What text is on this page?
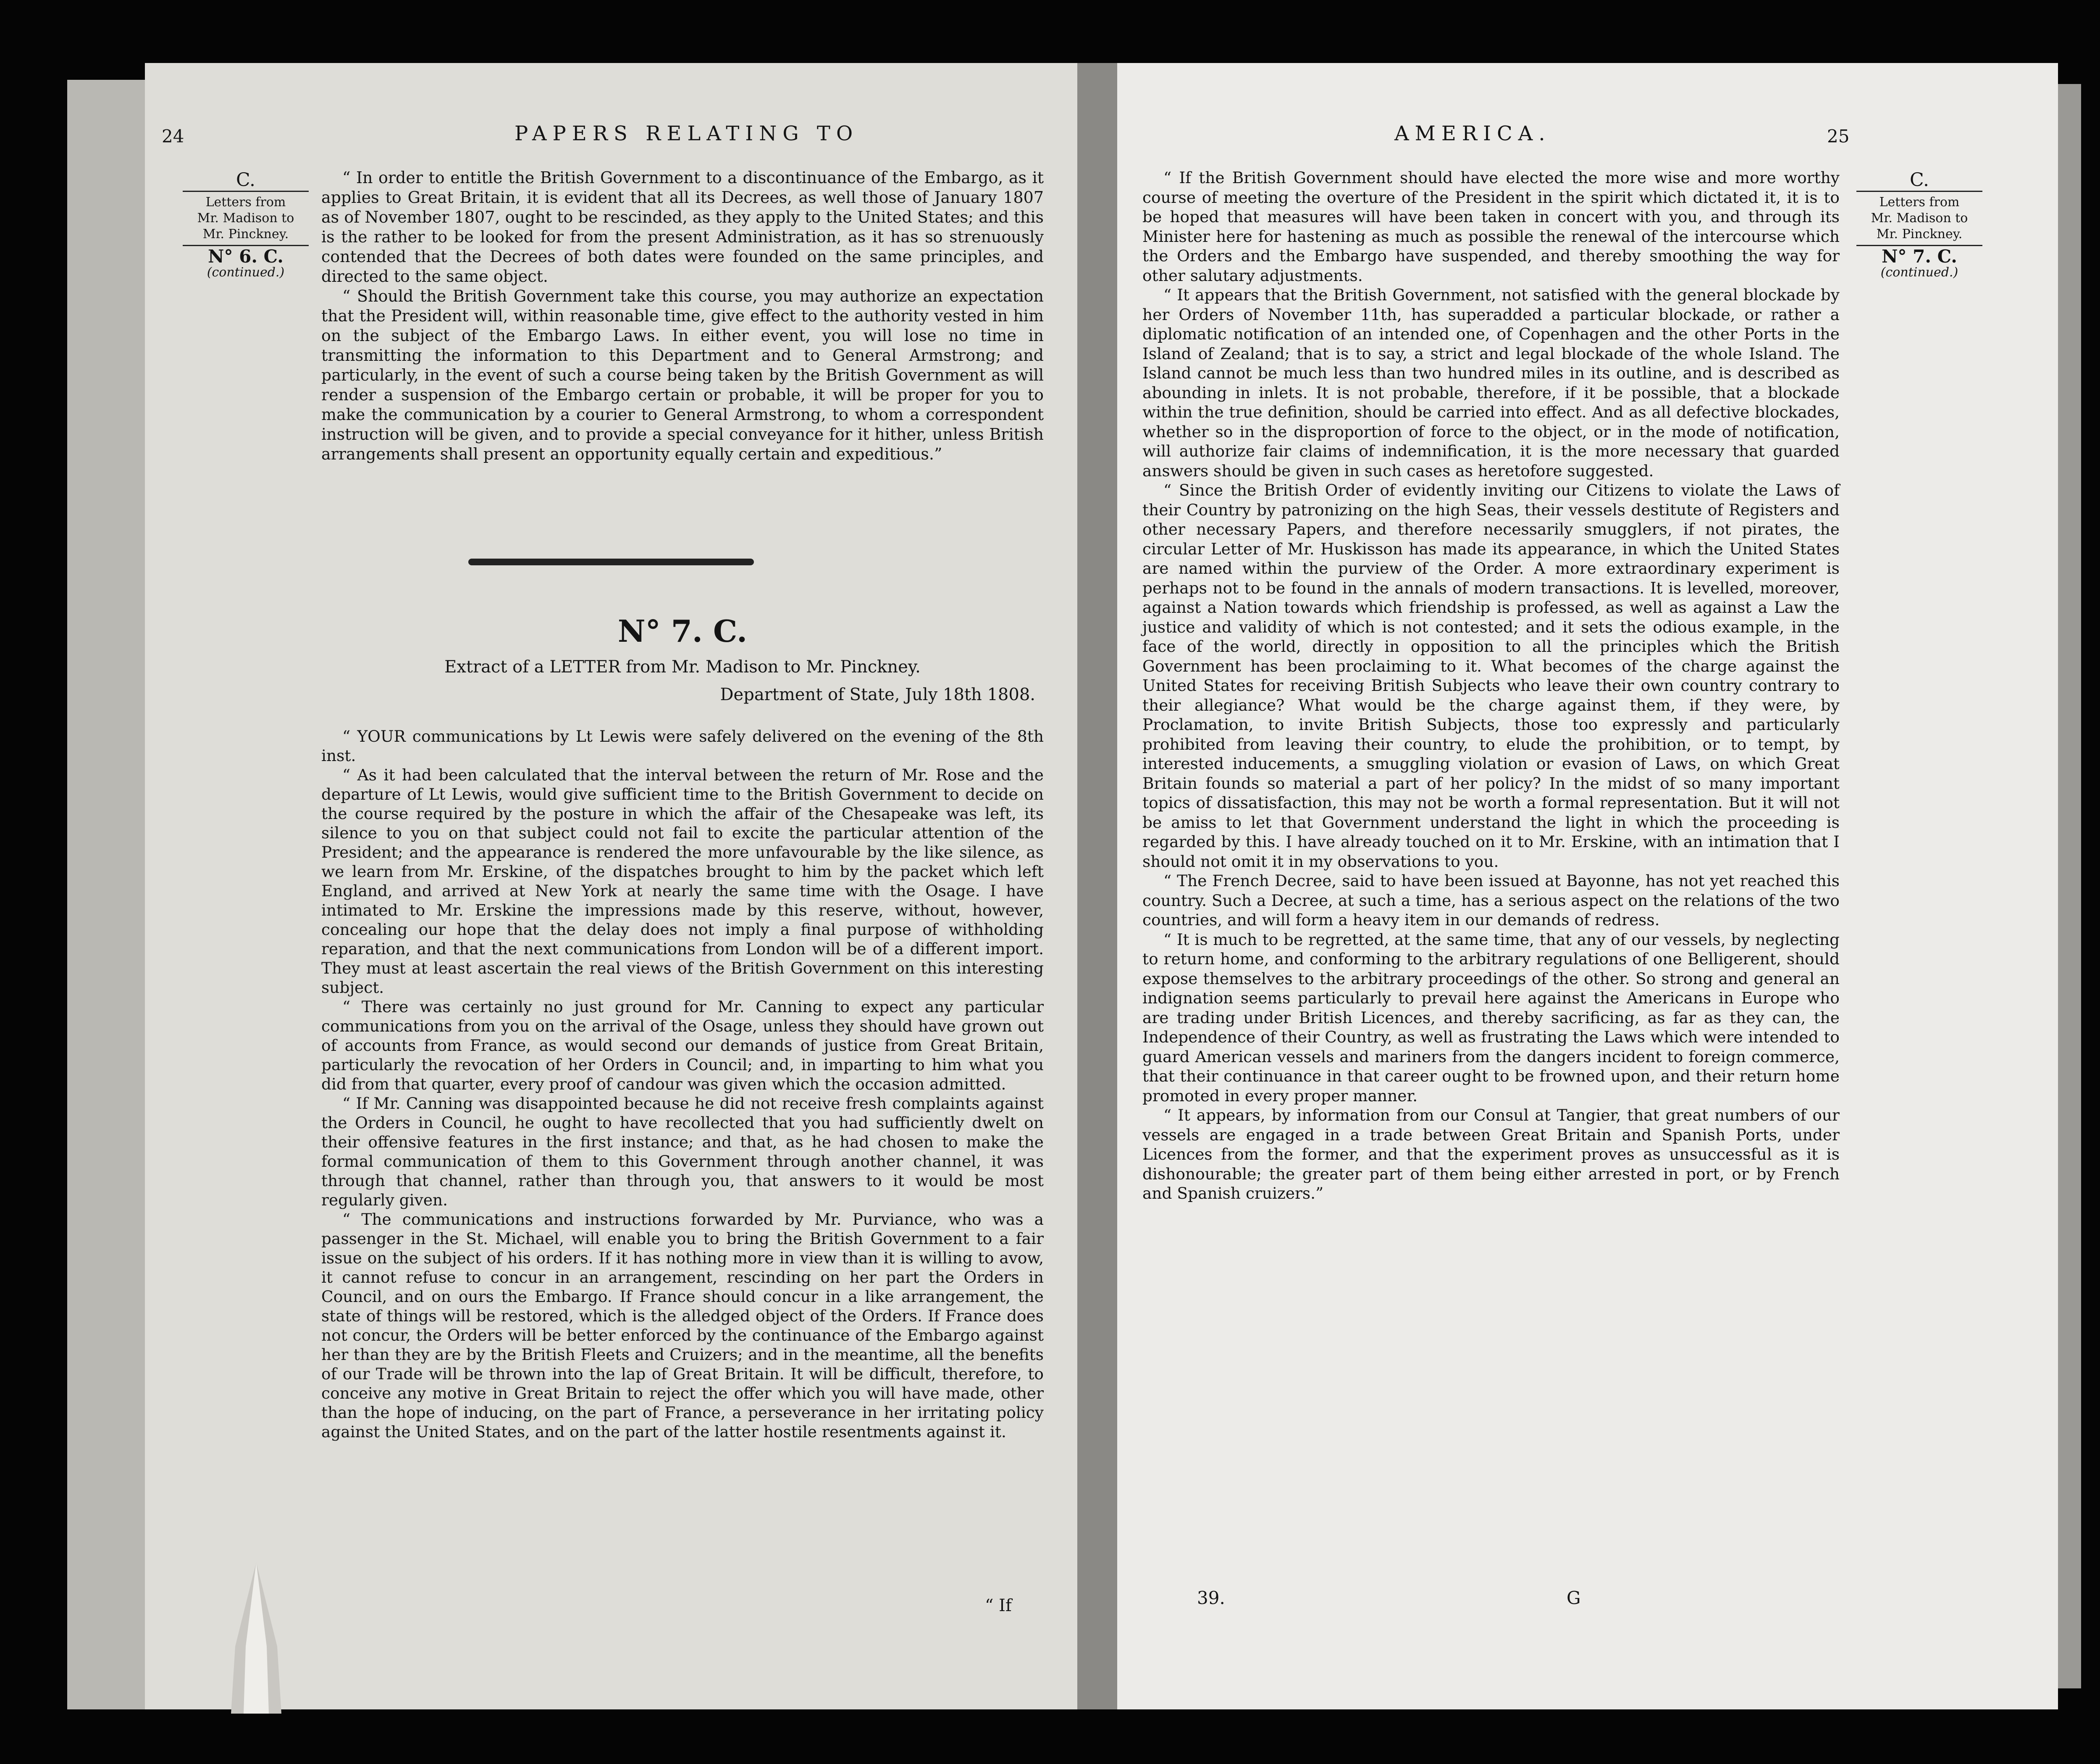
24	PAPERS RELATING TO
C.
Letters from
Mr. Madison to
Mr. Pinckney.
N° 6. C.
(continued.)

“ In order to entitle the British Government to a discontinuance of the Embargo, as it applies to Great Britain, it is evident that all its Decrees, as well those of January 1807 as of November 1807, ought to be rescinded, as they apply to the United States; and this is the rather to be looked for from the present Administration, as it has so strenuously contended that the Decrees of both dates were founded on the same principles, and directed to the same object.

“ Should the British Government take this course, you may authorize an expectation that the President will, within reasonable time, give effect to the authority vested in him on the subject of the Embargo Laws. In either event, you will lose no time in transmitting the information to this Department and to General Armstrong; and particularly, in the event of such a course being taken by the British Government as will render a suspension of the Embargo certain or probable, it will be proper for you to make the communication by a courier to General Armstrong, to whom a correspondent instruction will be given, and to provide a special conveyance for it hither, unless British arrangements shall present an opportunity equally certain and expeditious.”

N° 7. C.
Extract of a LETTER from Mr. Madison to Mr. Pinckney.
Department of State, July 18th 1808.

“ YOUR communications by Lt Lewis were safely delivered on the evening of the 8th inst.

“ As it had been calculated that the interval between the return of Mr. Rose and the departure of Lt Lewis, would give sufficient time to the British Government to decide on the course required by the posture in which the affair of the Chesapeake was left, its silence to you on that subject could not fail to excite the particular attention of the President; and the appearance is rendered the more unfavourable by the like silence, as we learn from Mr. Erskine, of the dispatches brought to him by the packet which left England, and arrived at New York at nearly the same time with the Osage. I have intimated to Mr. Erskine the impressions made by this reserve, without, however, concealing our hope that the delay does not imply a final purpose of withholding reparation, and that the next communications from London will be of a different import. They must at least ascertain the real views of the British Government on this interesting subject.

“ There was certainly no just ground for Mr. Canning to expect any particular communications from you on the arrival of the Osage, unless they should have grown out of accounts from France, as would second our demands of justice from Great Britain, particularly the revocation of her Orders in Council; and, in imparting to him what you did from that quarter, every proof of candour was given which the occasion admitted.

“ If Mr. Canning was disappointed because he did not receive fresh complaints against the Orders in Council, he ought to have recollected that you had sufficiently dwelt on their offensive features in the first instance; and that, as he had chosen to make the formal communication of them to this Government through another channel, it was through that channel, rather than through you, that answers to it would be most regularly given.

“ The communications and instructions forwarded by Mr. Purviance, who was a passenger in the St. Michael, will enable you to bring the British Government to a fair issue on the subject of his orders. If it has nothing more in view than it is willing to avow, it cannot refuse to concur in an arrangement, rescinding on her part the Orders in Council, and on ours the Embargo. If France should concur in a like arrangement, the state of things will be restored, which is the alledged object of the Orders. If France does not concur, the Orders will be better enforced by the continuance of the Embargo against her than they are by the British Fleets and Cruizers; and in the meantime, all the benefits of our Trade will be thrown into the lap of Great Britain. It will be difficult, therefore, to conceive any motive in Great Britain to reject the offer which you will have made, other than the hope of inducing, on the part of France, a perseverance in her irritating policy against the United States, and on the part of the latter hostile resentments against it.

“ If
AMERICA.	25

“ If the British Government should have elected the more wise and more worthy course of meeting the overture of the President in the spirit which dictated it, it is to be hoped that measures will have been taken in concert with you, and through its Minister here for hastening as much as possible the renewal of the intercourse which the Orders and the Embargo have suspended, and thereby smoothing the way for other salutary adjustments.

“ It appears that the British Government, not satisfied with the general blockade by her Orders of November 11th, has superadded a particular blockade, or rather a diplomatic notification of an intended one, of Copenhagen and the other Ports in the Island of Zealand; that is to say, a strict and legal blockade of the whole Island. The Island cannot be much less than two hundred miles in its outline, and is described as abounding in inlets. It is not probable, therefore, if it be possible, that a blockade within the true definition, should be carried into effect. And as all defective blockades, whether so in the disproportion of force to the object, or in the mode of notification, will authorize fair claims of indemnification, it is the more necessary that guarded answers should be given in such cases as heretofore suggested.

“ Since the British Order of evidently inviting our Citizens to violate the Laws of their Country by patronizing on the high Seas, their vessels destitute of Registers and other necessary Papers, and therefore necessarily smugglers, if not pirates, the circular Letter of Mr. Huskisson has made its appearance, in which the United States are named within the purview of the Order. A more extraordinary experiment is perhaps not to be found in the annals of modern transactions. It is levelled, moreover, against a Nation towards which friendship is professed, as well as against a Law the justice and validity of which is not contested; and it sets the odious example, in the face of the world, directly in opposition to all the principles which the British Government has been proclaiming to it. What becomes of the charge against the United States for receiving British Subjects who leave their own country contrary to their allegiance? What would be the charge against them, if they were, by Proclamation, to invite British Subjects, those too expressly and particularly prohibited from leaving their country, to elude the prohibition, or to tempt, by interested inducements, a smuggling violation or evasion of Laws, on which Great Britain founds so material a part of her policy? In the midst of so many important topics of dissatisfaction, this may not be worth a formal representation. But it will not be amiss to let that Government understand the light in which the proceeding is regarded by this. I have already touched on it to Mr. Erskine, with an intimation that I should not omit it in my observations to you.

“ The French Decree, said to have been issued at Bayonne, has not yet reached this country. Such a Decree, at such a time, has a serious aspect on the relations of the two countries, and will form a heavy item in our demands of redress.

“ It is much to be regretted, at the same time, that any of our vessels, by neglecting to return home, and conforming to the arbitrary regulations of one Belligerent, should expose themselves to the arbitrary proceedings of the other. So strong and general an indignation seems particularly to prevail here against the Americans in Europe who are trading under British Licences, and thereby sacrificing, as far as they can, the Independence of their Country, as well as frustrating the Laws which were intended to guard American vessels and mariners from the dangers incident to foreign commerce, that their continuance in that career ought to be frowned upon, and their return home promoted in every proper manner.

“ It appears, by information from our Consul at Tangier, that great numbers of our vessels are engaged in a trade between Great Britain and Spanish Ports, under Licences from the former, and that the experiment proves as unsuccessful as it is dishonourable; the greater part of them being either arrested in port, or by French and Spanish cruizers.”

C.
Letters from
Mr. Madison to
Mr. Pinckney.
N° 7. C.
(continued.)
39.	G
